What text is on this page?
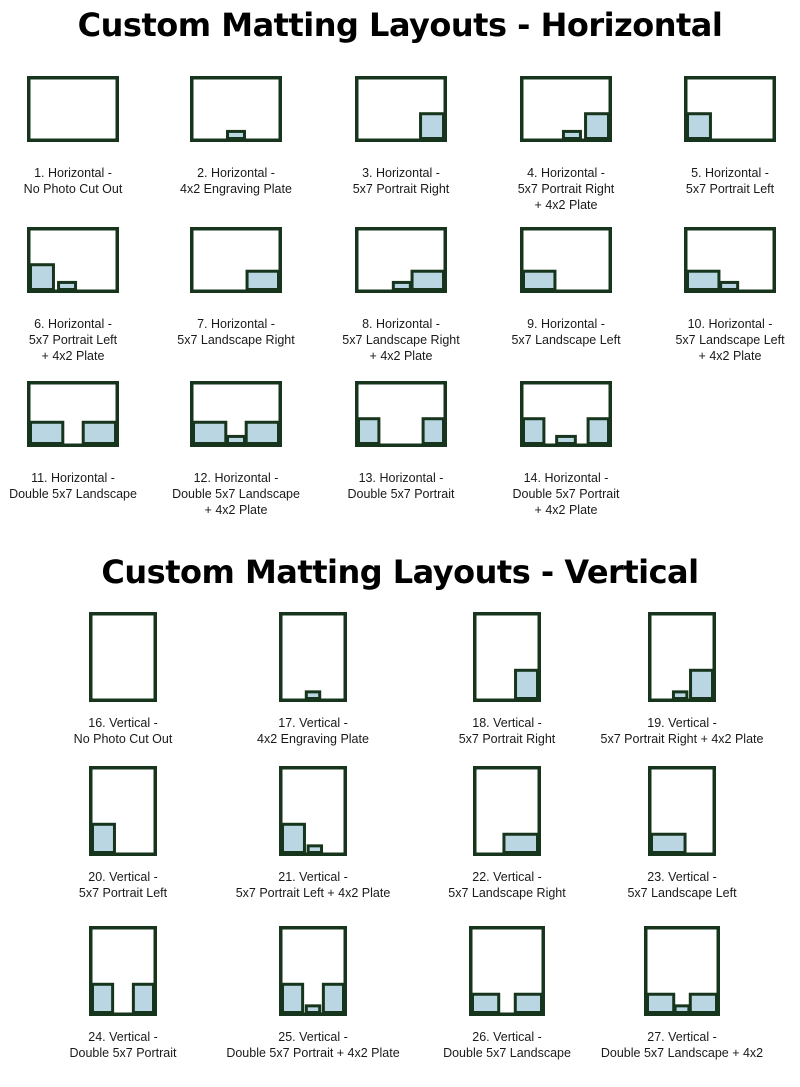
Custom Matting Layouts - Horizontal
1. Horizontal -
No Photo Cut Out
2. Horizontal -
4x2 Engraving Plate
3. Horizontal -
5x7 Portrait Right
4. Horizontal -
5x7 Portrait Right
+ 4x2 Plate
5. Horizontal -
5x7 Portrait Left
6. Horizontal -
5x7 Portrait Left
+ 4x2 Plate
7. Horizontal -
5x7 Landscape Right
8. Horizontal -
5x7 Landscape Right
+ 4x2 Plate
9. Horizontal -
5x7 Landscape Left
10. Horizontal -
5x7 Landscape Left
+ 4x2 Plate
11. Horizontal -
Double 5x7 Landscape
12. Horizontal -
Double 5x7 Landscape
+ 4x2 Plate
13. Horizontal -
Double 5x7 Portrait
14. Horizontal -
Double 5x7 Portrait
+ 4x2 Plate
Custom Matting Layouts - Vertical
16. Vertical -
No Photo Cut Out
17. Vertical -
4x2 Engraving Plate
18. Vertical -
5x7 Portrait Right
19. Vertical -
5x7 Portrait Right + 4x2 Plate
20. Vertical -
5x7 Portrait Left
21. Vertical -
5x7 Portrait Left + 4x2 Plate
22. Vertical -
5x7 Landscape Right
23. Vertical -
5x7 Landscape Left
24. Vertical -
Double 5x7 Portrait
25. Vertical -
Double 5x7 Portrait + 4x2 Plate
26. Vertical -
Double 5x7 Landscape
27. Vertical -
Double 5x7 Landscape + 4x2
